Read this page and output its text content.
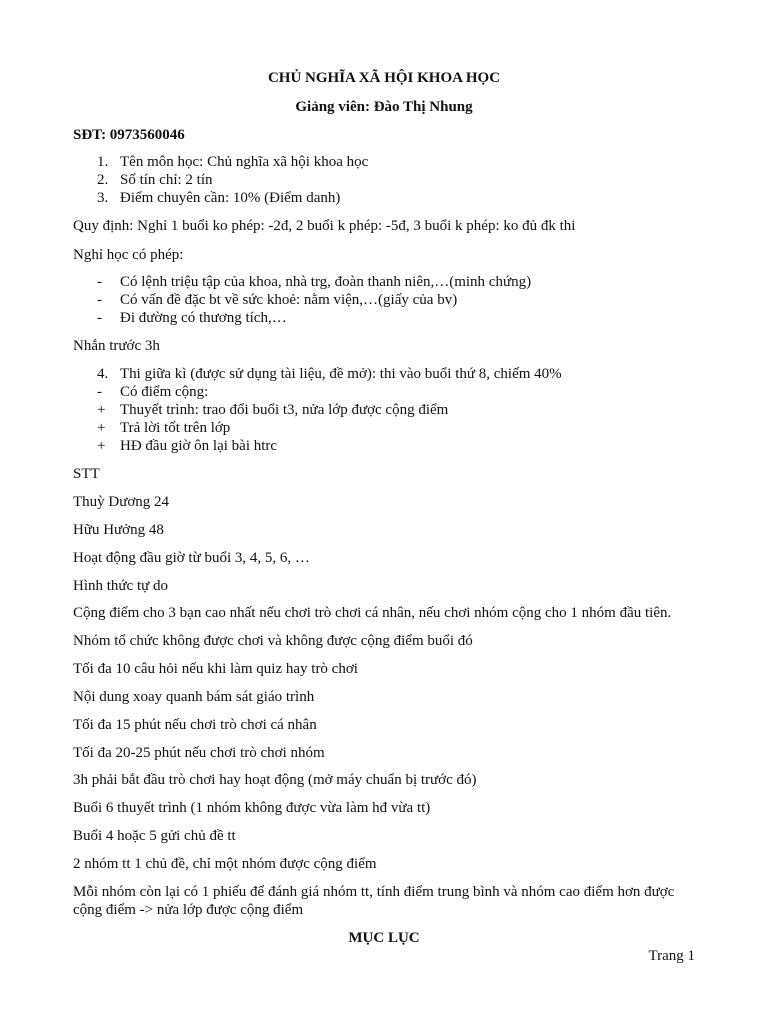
CHỦ NGHĨA XÃ HỘI KHOA HỌC
Giảng viên: Đào Thị Nhung
SĐT: 0973560046
1. Tên môn học: Chủ nghĩa xã hội khoa học
2. Số tín chỉ: 2 tín
3. Điểm chuyên cần: 10% (Điểm danh)
Quy định: Nghỉ 1 buổi ko phép: -2đ, 2 buổi k phép: -5đ, 3 buổi k phép: ko đủ đk thi
Nghỉ học có phép:
- Có lệnh triệu tập của khoa, nhà trg, đoàn thanh niên,…(minh chứng)
- Có vấn đề đặc bt về sức khoẻ: nằm viện,…(giấy của bv)
- Đi đường có thương tích,…
Nhắn trước 3h
4. Thi giữa kì (được sử dụng tài liệu, đề mở): thi vào buổi thứ 8, chiếm 40%
- Có điểm cộng:
+ Thuyết trình: trao đổi buổi t3, nửa lớp được cộng điểm
+ Trả lời tốt trên lớp
+ HĐ đầu giờ ôn lại bài htrc
STT
Thuỳ Dương 24
Hữu Hưởng 48
Hoạt động đầu giờ từ buổi 3, 4, 5, 6, …
Hình thức tự do
Cộng điểm cho 3 bạn cao nhất nếu chơi trò chơi cá nhân, nếu chơi nhóm cộng cho 1 nhóm đầu tiên.
Nhóm tổ chức không được chơi và không được cộng điểm buổi đó
Tối đa 10 câu hỏi nếu khi làm quiz hay trò chơi
Nội dung xoay quanh bám sát giáo trình
Tối đa 15 phút nếu chơi trò chơi cá nhân
Tối đa 20-25 phút nếu chơi trò chơi nhóm
3h phải bắt đầu trò chơi hay hoạt động (mở máy chuẩn bị trước đó)
Buổi 6 thuyết trình (1 nhóm không được vừa làm hđ vừa tt)
Buổi 4 hoặc 5 gửi chủ đề tt
2 nhóm tt 1 chủ đề, chỉ một nhóm được cộng điểm
Mỗi nhóm còn lại có 1 phiếu để đánh giá nhóm tt, tính điểm trung bình và nhóm cao điểm hơn được
cộng điểm -> nửa lớp được cộng điểm
MỤC LỤC
Trang 1
